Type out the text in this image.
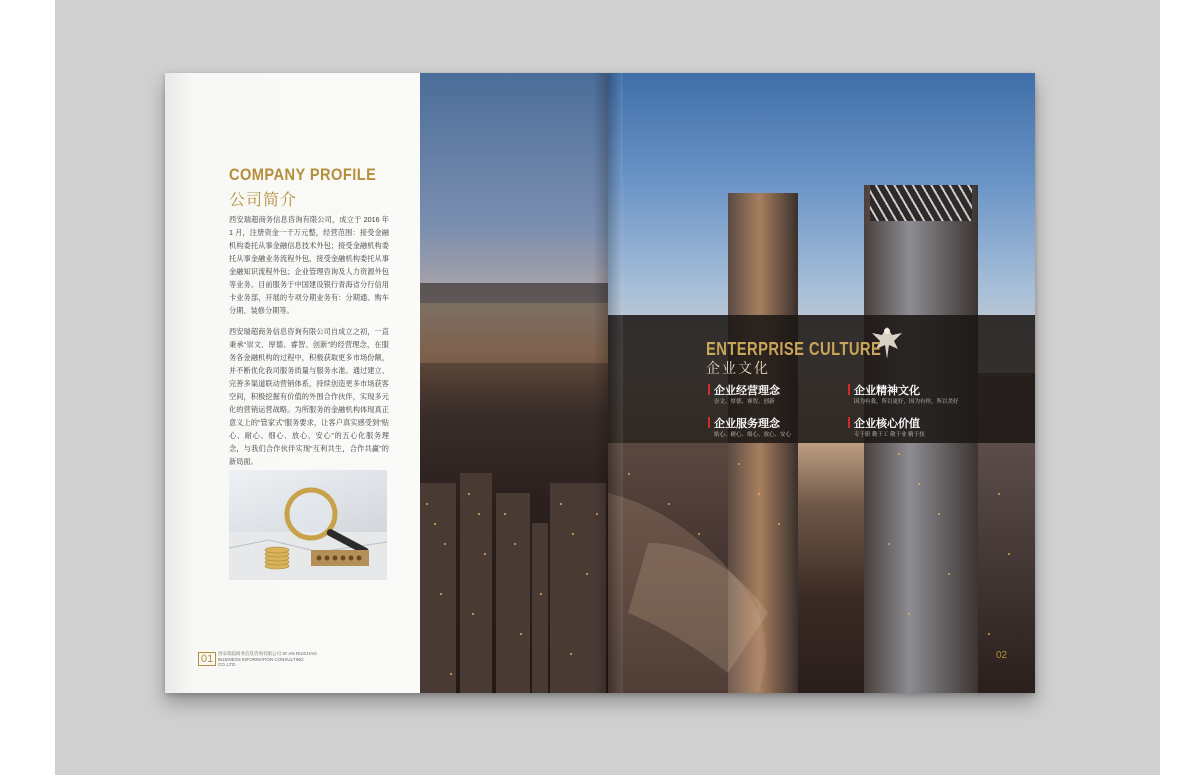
COMPANY PROFILE
公司简介

西安瑞超商务信息咨询有限公司，成立于 2016 年 1 月，注册资金一千万元整，经营范围：接受金融机构委托从事金融信息技术外包；接受金融机构委托从事金融业务流程外包，接受金融机构委托从事金融知识流程外包；企业管理咨询及人力资源外包等业务。目前服务于中国建设银行青海省分行信用卡业务部，开展的专项分期业务有：分期通、购车分期、装修分期等。

西安瑞超商务信息咨询有限公司自成立之初，一直秉承“崇文、厚德、睿智、创新”的经营理念，在服务各金融机构的过程中，积极获取更多市场份额，并不断优化我司服务质量与服务水准。通过建立、完善多渠道联动营销体系，持续创造更多市场获客空间，积极挖掘有价值的外围合作伙伴，实现多元化的营销运营战略。为所服务的金融机构体现真正意义上的“管家式”服务要求，让客户真实感受到“贴心、耐心、细心、放心、安心”的五心化服务理念，与我们合作伙伴实现“互利共生，合作共赢”的新局面。

01	西安瑞超商务信息咨询有限公司 XI' AN RUICHAO BUSINESS INFORMATION CONSULTING CO.,LTD
ENTERPRISE CULTURE
企业文化
企业经营理念
崇文、厚德、睿智、创新
企业精神文化
因为有我，所以更好，因为有你，所以美好
企业服务理念
贴心、耐心、细心、放心、安心
企业核心价值
专于职 勤于工 敬于业 精于技
02
